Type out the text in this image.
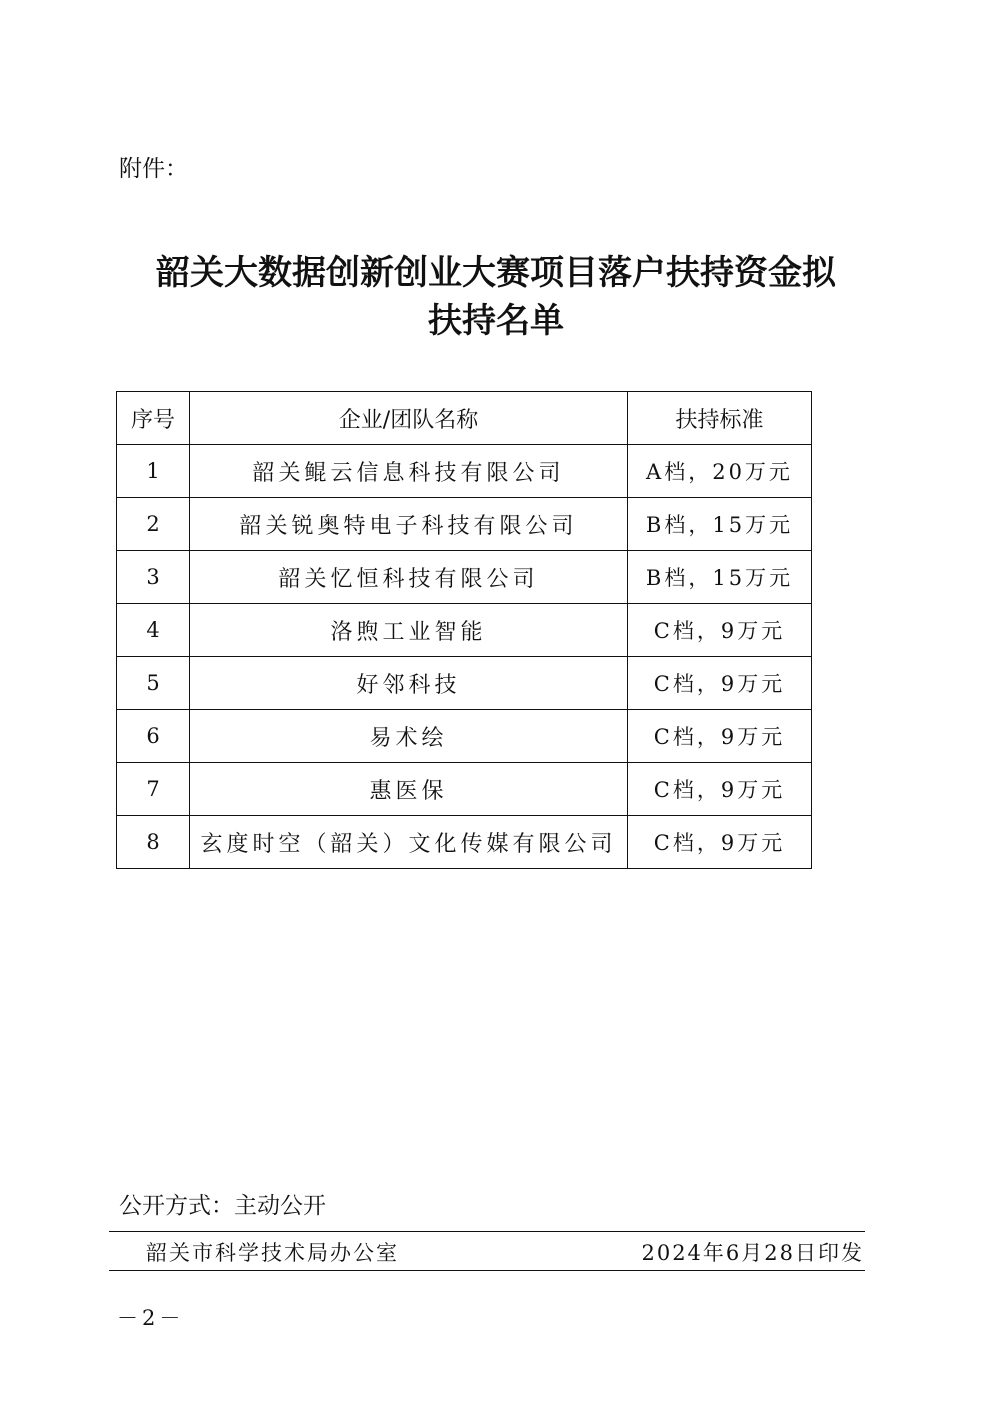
附件：

韶关大数据创新创业大赛项目落户扶持资金拟
扶持名单
序号	企业/团队名称	扶持标准
1	韶关鲲云信息科技有限公司	A档，20万元
2	韶关锐奥特电子科技有限公司	B档，15万元
3	韶关忆恒科技有限公司	B档，15万元
4	洛煦工业智能	C档，9万元
5	好邻科技	C档，9万元
6	易术绘	C档，9万元
7	惠医保	C档，9万元
8	玄度时空（韶关）文化传媒有限公司	C档，9万元

公开方式：主动公开

韶关市科学技术局办公室	2024年6月28日印发

－2－
